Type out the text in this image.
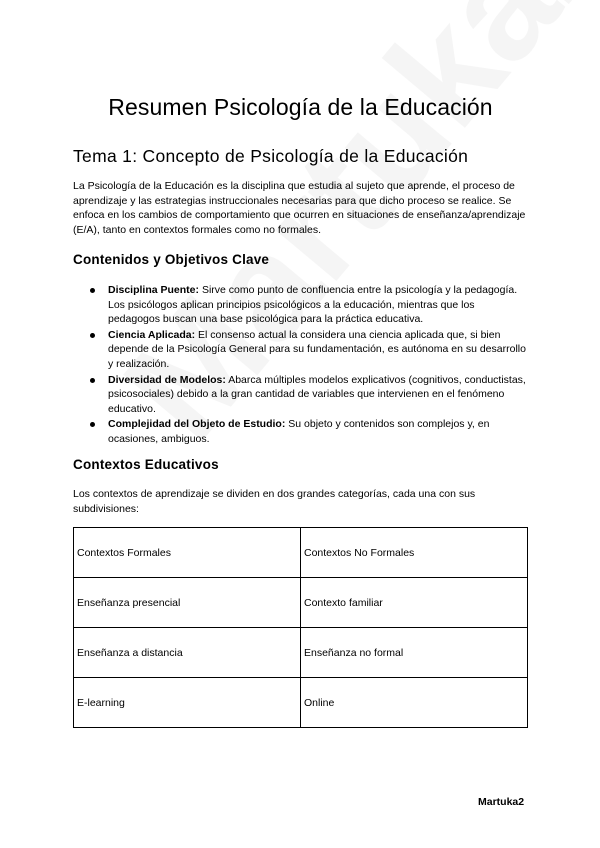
Resumen Psicología de la Educación
Tema 1: Concepto de Psicología de la Educación

La Psicología de la Educación es la disciplina que estudia al sujeto que aprende, el proceso de aprendizaje y las estrategias instruccionales necesarias para que dicho proceso se realice. Se enfoca en los cambios de comportamiento que ocurren en situaciones de enseñanza/aprendizaje (E/A), tanto en contextos formales como no formales.

Contenidos y Objetivos Clave
Disciplina Puente: Sirve como punto de confluencia entre la psicología y la pedagogía. Los psicólogos aplican principios psicológicos a la educación, mientras que los pedagogos buscan una base psicológica para la práctica educativa.
Ciencia Aplicada: El consenso actual la considera una ciencia aplicada que, si bien depende de la Psicología General para su fundamentación, es autónoma en su desarrollo y realización.
Diversidad de Modelos: Abarca múltiples modelos explicativos (cognitivos, conductistas, psicosociales) debido a la gran cantidad de variables que intervienen en el fenómeno educativo.
Complejidad del Objeto de Estudio: Su objeto y contenidos son complejos y, en ocasiones, ambiguos.
Contextos Educativos

Los contextos de aprendizaje se dividen en dos grandes categorías, cada una con sus subdivisiones:

Contextos Formales	Contextos No Formales
Enseñanza presencial	Contexto familiar
Enseñanza a distancia	Enseñanza no formal
E-learning	Online
Martuka2
